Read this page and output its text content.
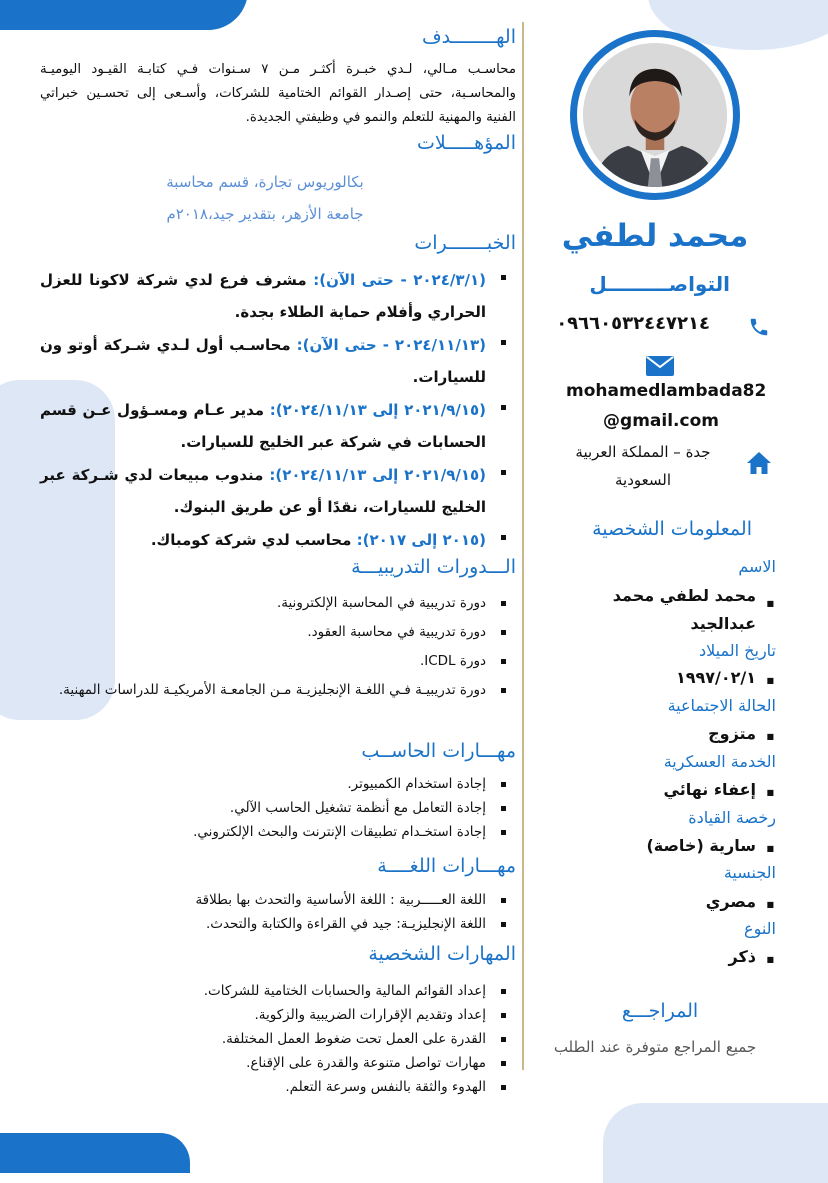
محمد لطفي
التواصـــــــــل
٠٩٦٦٠٥٣٢٤٤٧٢١٤
mohamedlambada82
@gmail.com
جدة – المملكة العربية السعودية
المعلومات الشخصية
الاسم
■ محمد لطفي محمد عبدالجيد
تاريخ الميلاد
■ ١٩٩٧/٠٢/١
الحالة الاجتماعية
■ متزوج
الخدمة العسكرية
■ إعفاء نهائي
رخصة القيادة
■ سارية (خاصة)
الجنسية
■ مصري
النوع
■ ذكر
المراجـــع
جميع المراجع متوفرة عند الطلب
الهــــــــدف
محاسـب مـالي، لـدي خبـرة أكثـر مـن ٧ سـنوات فـي كتابـة القيـود اليوميـة والمحاسـبة، حتى إصـدار القوائم الختامية للشركات، وأسـعى إلى تحسـين خبراتي الفنية والمهنية للتعلم والنمو في وظيفتي الجديدة.
المؤهـــــلات
بكالوريوس تجارة، قسم محاسبة
جامعة الأزهر، بتقدير جيد،٢٠١٨م
الخبـــــــرات
(٢٠٢٤/٣/١ - حتى الآن): مشرف فرع لدي شركة لاكونا للعزل الحراري وأفلام حماية الطلاء بجدة.
(٢٠٢٤/١١/١٣ - حتى الآن): محاسـب أول لـدي شـركة أوتو ون للسيارات.
(٢٠٢١/٩/١٥ إلى ٢٠٢٤/١١/١٣): مدير عـام ومسـؤول عـن قسم الحسابات في شركة عبر الخليج للسيارات.
(٢٠٢١/٩/١٥ إلى ٢٠٢٤/١١/١٣): مندوب مبيعات لدي شـركة عبر الخليج للسيارات، نقدًا أو عن طريق البنوك.
(٢٠١٥ إلى ٢٠١٧): محاسب لدي شركة كومباك.
الـــدورات التدريبيـــة
دورة تدريبية في المحاسبة الإلكترونية.
دورة تدريبية في محاسبة العقود.
دورة ICDL.
دورة تدريبيـة فـي اللغـة الإنجليزيـة مـن الجامعـة الأمريكيـة للدراسات المهنية.
مهـــارات الحاســب
إجادة استخدام الكمبيوتر.
إجادة التعامل مع أنظمة تشغيل الحاسب الآلي.
إجادة استخـدام تطبيقات الإنترنت والبحث الإلكتروني.
مهـــارات اللغــــة
اللغة العـــــربية : اللغة الأساسية والتحدث بها بطلاقة
اللغة الإنجليزيـة: جيد في القراءة والكتابة والتحدث.
المهارات الشخصية
إعداد القوائم المالية والحسابات الختامية للشركات.
إعداد وتقديم الإقرارات الضريبية والزكوية.
القدرة على العمل تحت ضغوط العمل المختلفة.
مهارات تواصل متنوعة والقدرة على الإقناع.
الهدوء والثقة بالنفس وسرعة التعلم.
